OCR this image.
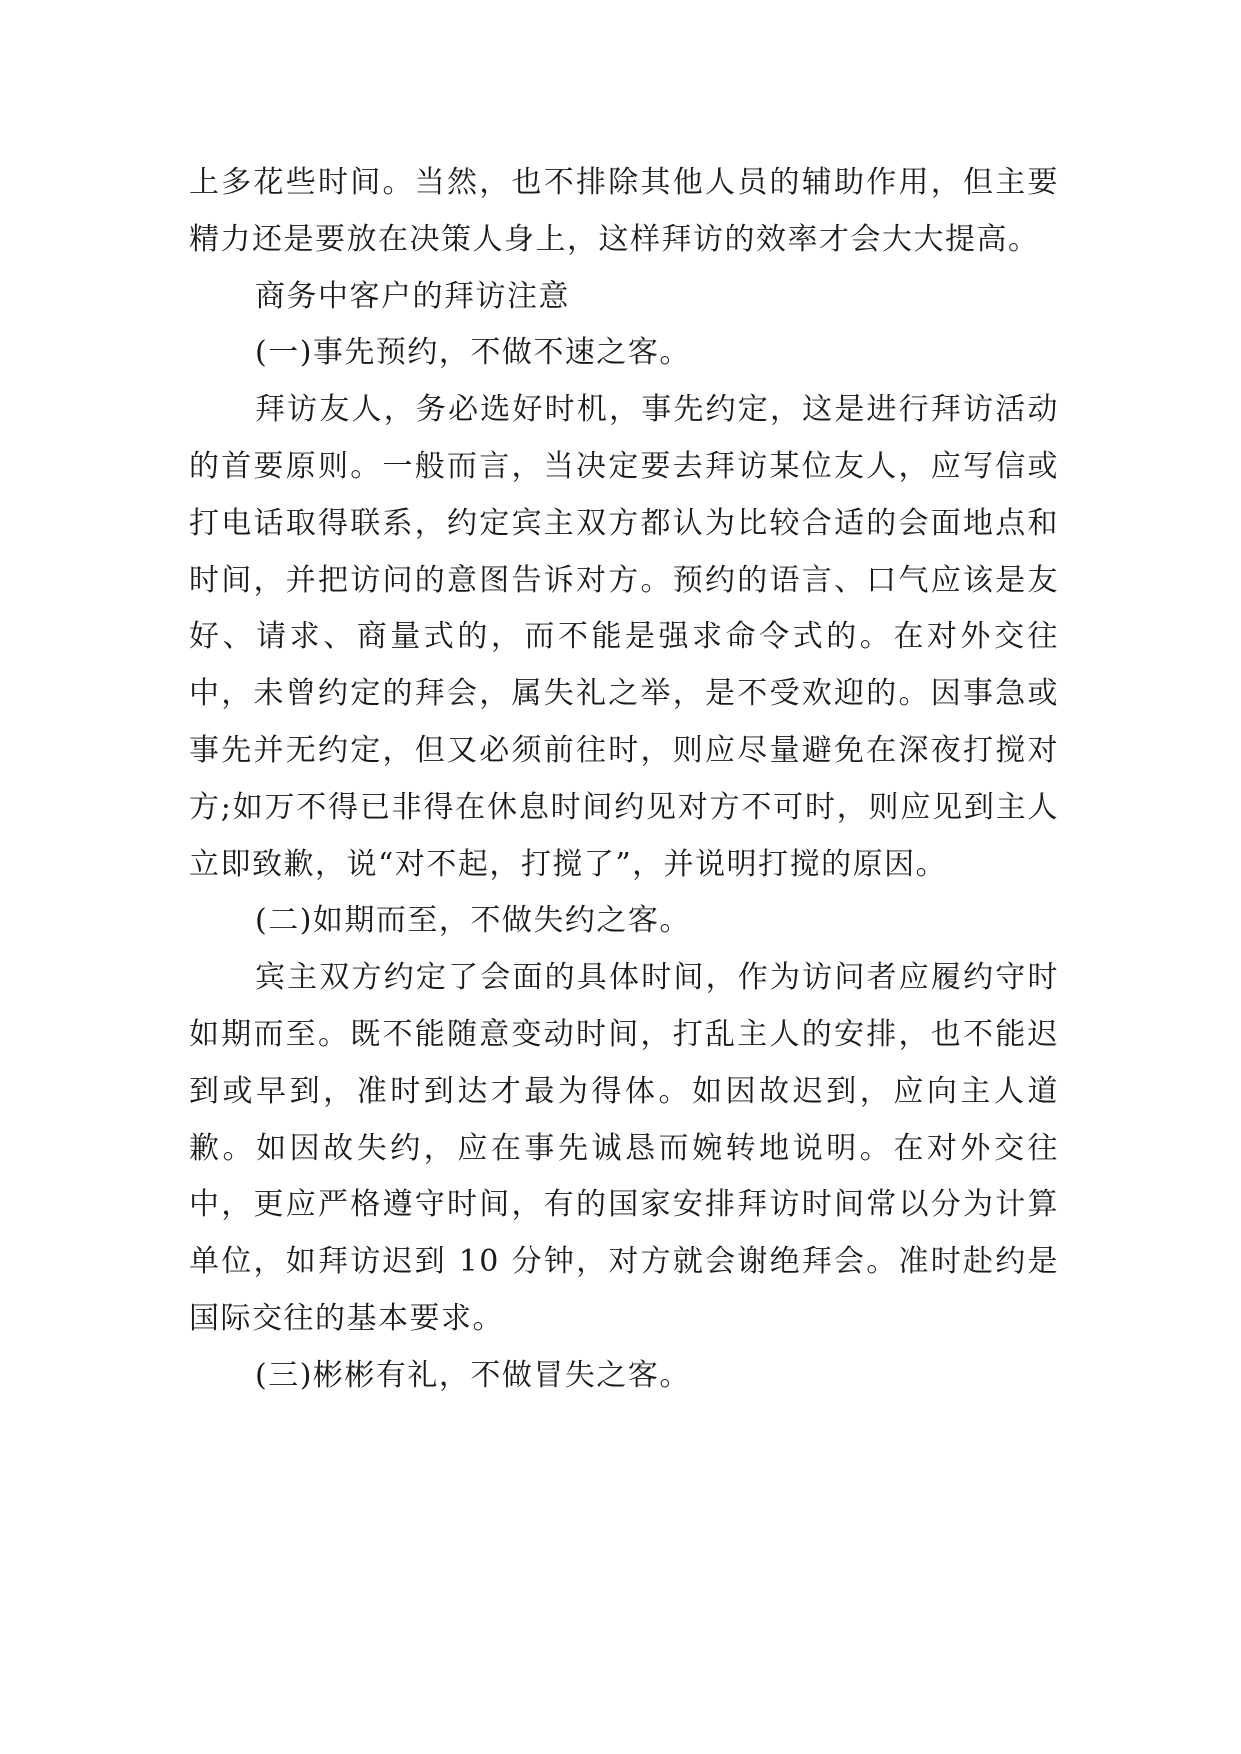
上多花些时间。当然，也不排除其他人员的辅助作用，但主要精力还是要放在决策人身上，这样拜访的效率才会大大提高。

商务中客户的拜访注意

(一)事先预约，不做不速之客。

拜访友人，务必选好时机，事先约定，这是进行拜访活动的首要原则。一般而言，当决定要去拜访某位友人，应写信或打电话取得联系，约定宾主双方都认为比较合适的会面地点和时间，并把访问的意图告诉对方。预约的语言、口气应该是友好、请求、商量式的，而不能是强求命令式的。在对外交往中，未曾约定的拜会，属失礼之举，是不受欢迎的。因事急或事先并无约定，但又必须前往时，则应尽量避免在深夜打搅对方;如万不得已非得在休息时间约见对方不可时，则应见到主人立即致歉，说“对不起，打搅了”，并说明打搅的原因。

(二)如期而至，不做失约之客。

宾主双方约定了会面的具体时间，作为访问者应履约守时如期而至。既不能随意变动时间，打乱主人的安排，也不能迟到或早到，准时到达才最为得体。如因故迟到，应向主人道歉。如因故失约，应在事先诚恳而婉转地说明。在对外交往中，更应严格遵守时间，有的国家安排拜访时间常以分为计算单位，如拜访迟到 10 分钟，对方就会谢绝拜会。准时赴约是国际交往的基本要求。

(三)彬彬有礼，不做冒失之客。
